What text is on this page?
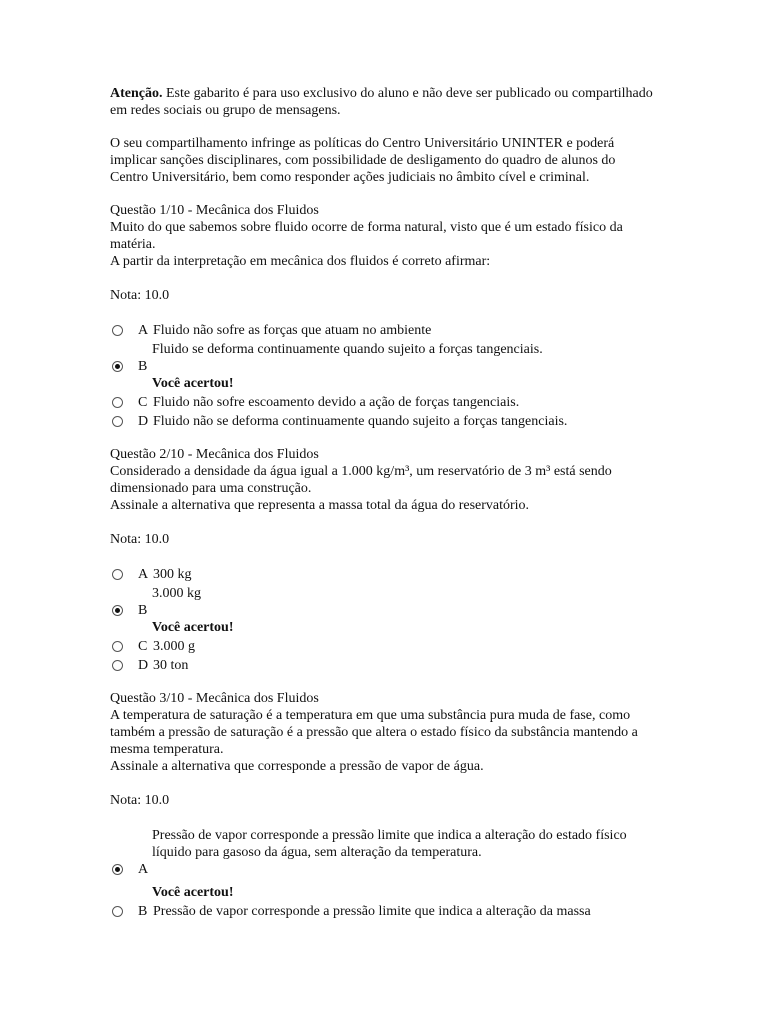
Atenção. Este gabarito é para uso exclusivo do aluno e não deve ser publicado ou compartilhado em redes sociais ou grupo de mensagens.

O seu compartilhamento infringe as políticas do Centro Universitário UNINTER e poderá implicar sanções disciplinares, com possibilidade de desligamento do quadro de alunos do Centro Universitário, bem como responder ações judiciais no âmbito cível e criminal.

Questão 1/10 - Mecânica dos Fluidos
Muito do que sabemos sobre fluido ocorre de forma natural, visto que é um estado físico da matéria.
A partir da interpretação em mecânica dos fluidos é correto afirmar:
Nota: 10.0
A Fluido não sofre as forças que atuam no ambiente
Fluido se deforma continuamente quando sujeito a forças tangenciais.
B
Você acertou!
C Fluido não sofre escoamento devido a ação de forças tangenciais.
D Fluido não se deforma continuamente quando sujeito a forças tangenciais.
Questão 2/10 - Mecânica dos Fluidos
Considerado a densidade da água igual a 1.000 kg/m³, um reservatório de 3 m³ está sendo dimensionado para uma construção.
Assinale a alternativa que representa a massa total da água do reservatório.
Nota: 10.0
A 300 kg
3.000 kg
B
Você acertou!
C 3.000 g
D 30 ton
Questão 3/10 - Mecânica dos Fluidos
A temperatura de saturação é a temperatura em que uma substância pura muda de fase, como também a pressão de saturação é a pressão que altera o estado físico da substância mantendo a mesma temperatura.
Assinale a alternativa que corresponde a pressão de vapor de água.
Nota: 10.0
Pressão de vapor corresponde a pressão limite que indica a alteração do estado físico líquido para gasoso da água, sem alteração da temperatura.
A
Você acertou!
B Pressão de vapor corresponde a pressão limite que indica a alteração da massa
